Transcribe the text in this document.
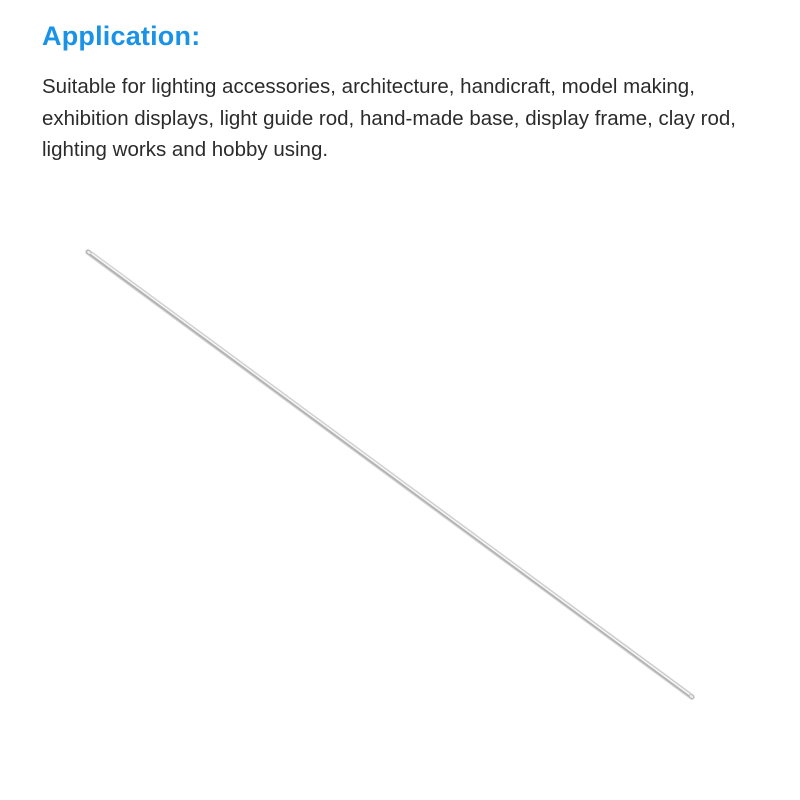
Application:

Suitable for lighting accessories, architecture, handicraft, model making, exhibition displays, light guide rod, hand-made base, display frame, clay rod, lighting works and hobby using.
